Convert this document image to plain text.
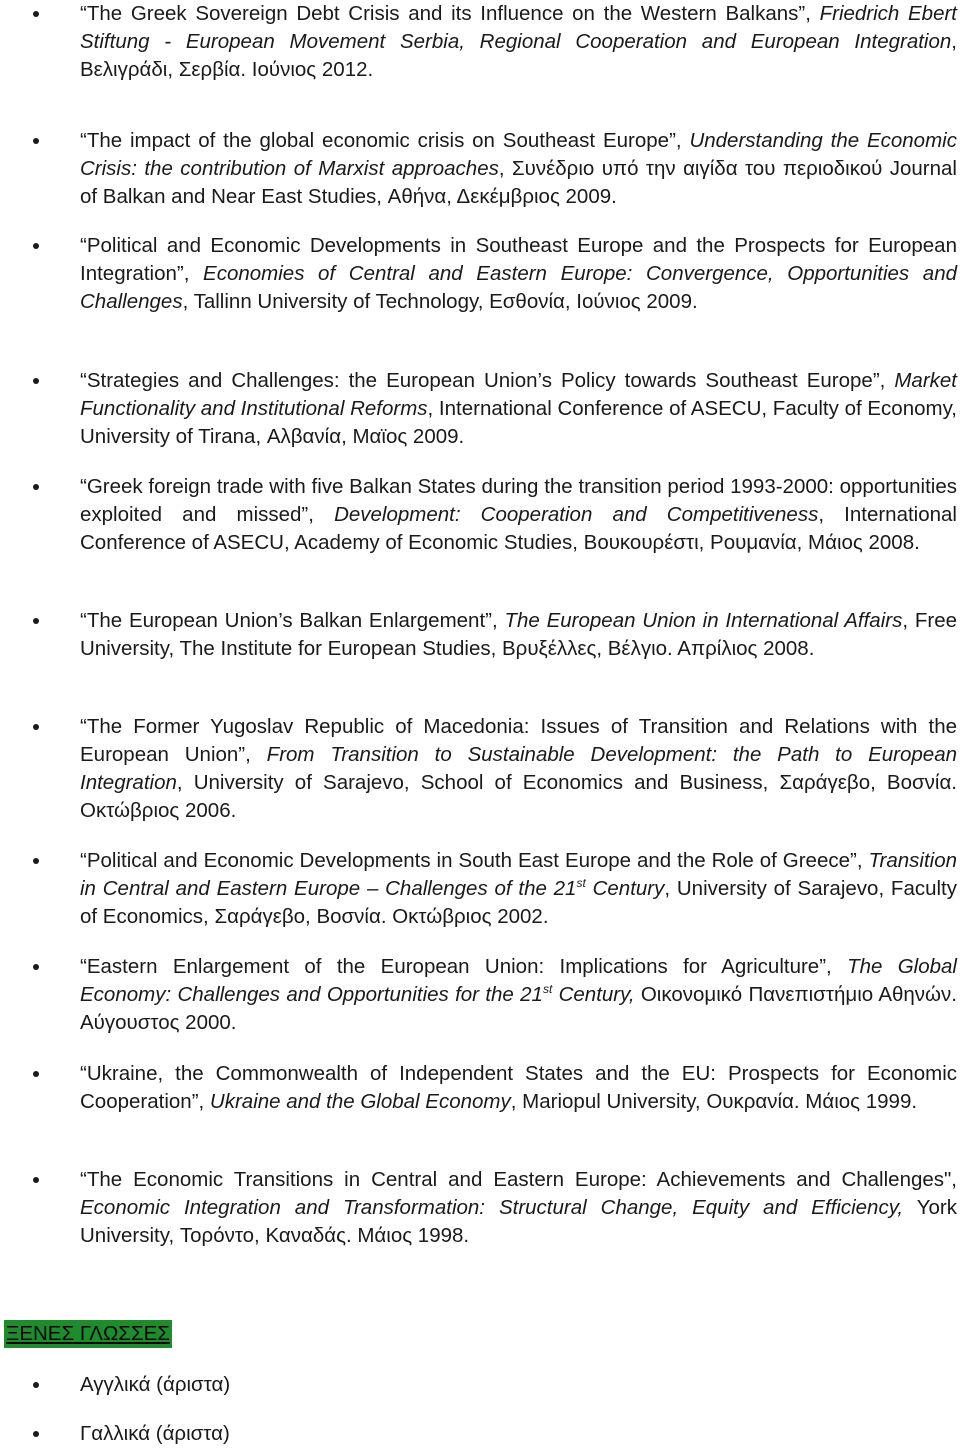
“The Greek Sovereign Debt Crisis and its Influence on the Western Balkans”, Friedrich Ebert Stiftung - European Movement Serbia, Regional Cooperation and European Integration, Βελιγράδι, Σερβία. Ιούνιος 2012.
“The impact of the global economic crisis on Southeast Europe”, Understanding the Economic Crisis: the contribution of Marxist approaches, Συνέδριο υπό την αιγίδα του περιοδικού Journal of Balkan and Near East Studies, Αθήνα, Δεκέμβριος 2009.
“Political and Economic Developments in Southeast Europe and the Prospects for European Integration”, Economies of Central and Eastern Europe: Convergence, Opportunities and Challenges, Tallinn University of Technology, Εσθονία, Ιούνιος 2009.
“Strategies and Challenges: the European Union’s Policy towards Southeast Europe”, Market Functionality and Institutional Reforms, International Conference of ASECU, Faculty of Economy, University of Tirana, Αλβανία, Μαϊος 2009.
“Greek foreign trade with five Balkan States during the transition period 1993-2000: opportunities exploited and missed”, Development: Cooperation and Competitiveness, International Conference of ASECU, Academy of Economic Studies, Βουκουρέστι, Ρουμανία, Μάιος 2008.
“The European Union’s Balkan Enlargement”, The European Union in International Affairs, Free University, The Institute for European Studies, Βρυξέλλες, Βέλγιο. Απρίλιος 2008.
“The Former Yugoslav Republic of Macedonia: Issues of Transition and Relations with the European Union”, From Transition to Sustainable Development: the Path to European Integration, University of Sarajevo, School of Economics and Business, Σαράγεβο, Βοσνία. Οκτώβριος 2006.
“Political and Economic Developments in South East Europe and the Role of Greece”, Transition in Central and Eastern Europe – Challenges of the 21st Century, University of Sarajevo, Faculty of Economics, Σαράγεβο, Βοσνία. Οκτώβριος 2002.
“Eastern Enlargement of the European Union: Implications for Agriculture”, The Global Economy: Challenges and Opportunities for the 21st Century, Οικονομικό Πανεπιστήμιο Αθηνών. Αύγουστος 2000.
“Ukraine, the Commonwealth of Independent States and the EU: Prospects for Economic Cooperation”, Ukraine and the Global Economy, Mariopul University, Ουκρανία. Μάιος 1999.
“The Economic Transitions in Central and Eastern Europe: Achievements and Challenges", Economic Integration and Transformation: Structural Change, Equity and Efficiency, York University, Τορόντο, Καναδάς. Μάιος 1998.
ΞΕΝΕΣ ΓΛΩΣΣΕΣ
Αγγλικά (άριστα)
Γαλλικά (άριστα)
